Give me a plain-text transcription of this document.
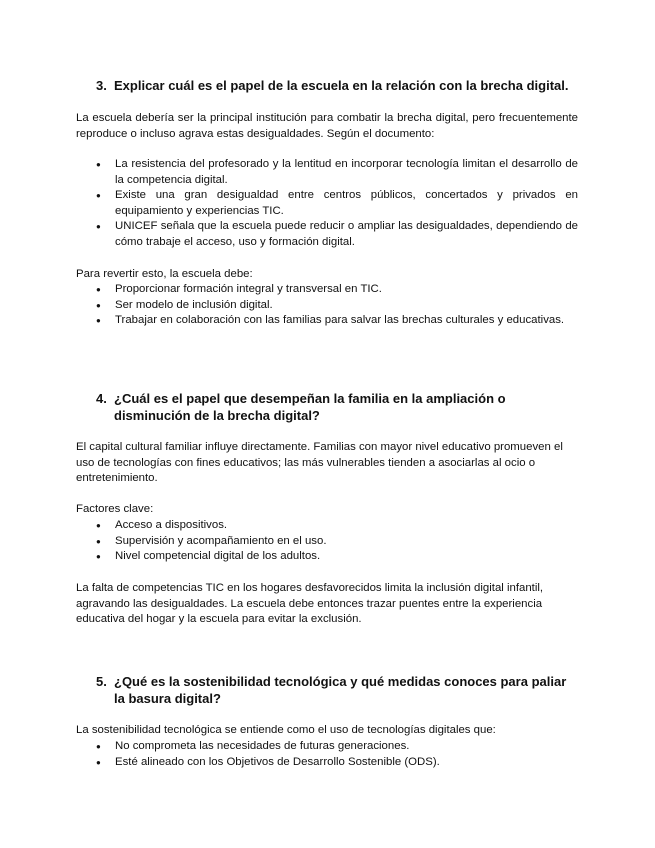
3. Explicar cuál es el papel de la escuela en la relación con la brecha digital.

La escuela debería ser la principal institución para combatir la brecha digital, pero frecuentemente reproduce o incluso agrava estas desigualdades. Según el documento:

● La resistencia del profesorado y la lentitud en incorporar tecnología limitan el desarrollo de la competencia digital.
● Existe una gran desigualdad entre centros públicos, concertados y privados en equipamiento y experiencias TIC.
● UNICEF señala que la escuela puede reducir o ampliar las desigualdades, dependiendo de cómo trabaje el acceso, uso y formación digital.

Para revertir esto, la escuela debe:

● Proporcionar formación integral y transversal en TIC.
● Ser modelo de inclusión digital.
● Trabajar en colaboración con las familias para salvar las brechas culturales y educativas.
4. ¿Cuál es el papel que desempeñan la familia en la ampliación o disminución de la brecha digital?

El capital cultural familiar influye directamente. Familias con mayor nivel educativo promueven el uso de tecnologías con fines educativos; las más vulnerables tienden a asociarlas al ocio o entretenimiento.

Factores clave:

● Acceso a dispositivos.
● Supervisión y acompañamiento en el uso.
● Nivel competencial digital de los adultos.

La falta de competencias TIC en los hogares desfavorecidos limita la inclusión digital infantil, agravando las desigualdades. La escuela debe entonces trazar puentes entre la experiencia educativa del hogar y la escuela para evitar la exclusión.

5. ¿Qué es la sostenibilidad tecnológica y qué medidas conoces para paliar la basura digital?

La sostenibilidad tecnológica se entiende como el uso de tecnologías digitales que:

● No comprometa las necesidades de futuras generaciones.
● Esté alineado con los Objetivos de Desarrollo Sostenible (ODS).
